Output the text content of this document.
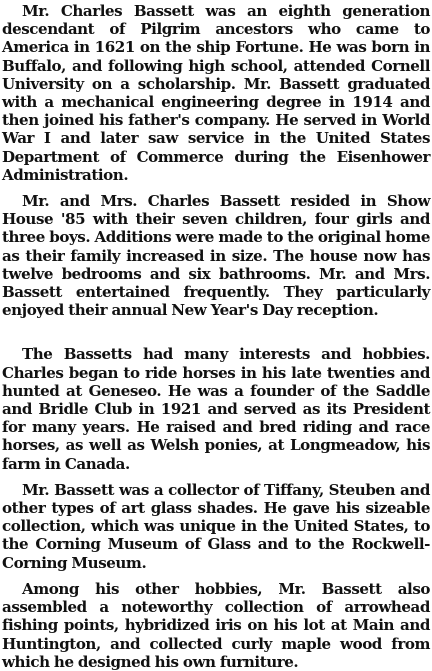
Mr. Charles Bassett was an eighth generation descendant of Pilgrim ancestors who came to America in 1621 on the ship Fortune. He was born in Buffalo, and following high school, attended Cornell University on a scholarship. Mr. Bassett graduated with a mechanical engineering degree in 1914 and then joined his father's company. He served in World War I and later saw service in the United States Department of Commerce during the Eisenhower Administration.

Mr. and Mrs. Charles Bassett resided in Show House '85 with their seven children, four girls and three boys. Additions were made to the original home as their family increased in size. The house now has twelve bedrooms and six bathrooms. Mr. and Mrs. Bassett entertained frequently. They particularly enjoyed their annual New Year's Day reception.

The Bassetts had many interests and hobbies. Charles began to ride horses in his late twenties and hunted at Geneseo. He was a founder of the Saddle and Bridle Club in 1921 and served as its President for many years. He raised and bred riding and race horses, as well as Welsh ponies, at Longmeadow, his farm in Canada.

Mr. Bassett was a collector of Tiffany, Steuben and other types of art glass shades. He gave his sizeable collection, which was unique in the United States, to the Corning Museum of Glass and to the Rockwell-Corning Museum.

Among his other hobbies, Mr. Bassett also assembled a noteworthy collection of arrowhead fishing points, hybridized iris on his lot at Main and Huntington, and collected curly maple wood from which he designed his own furniture.
